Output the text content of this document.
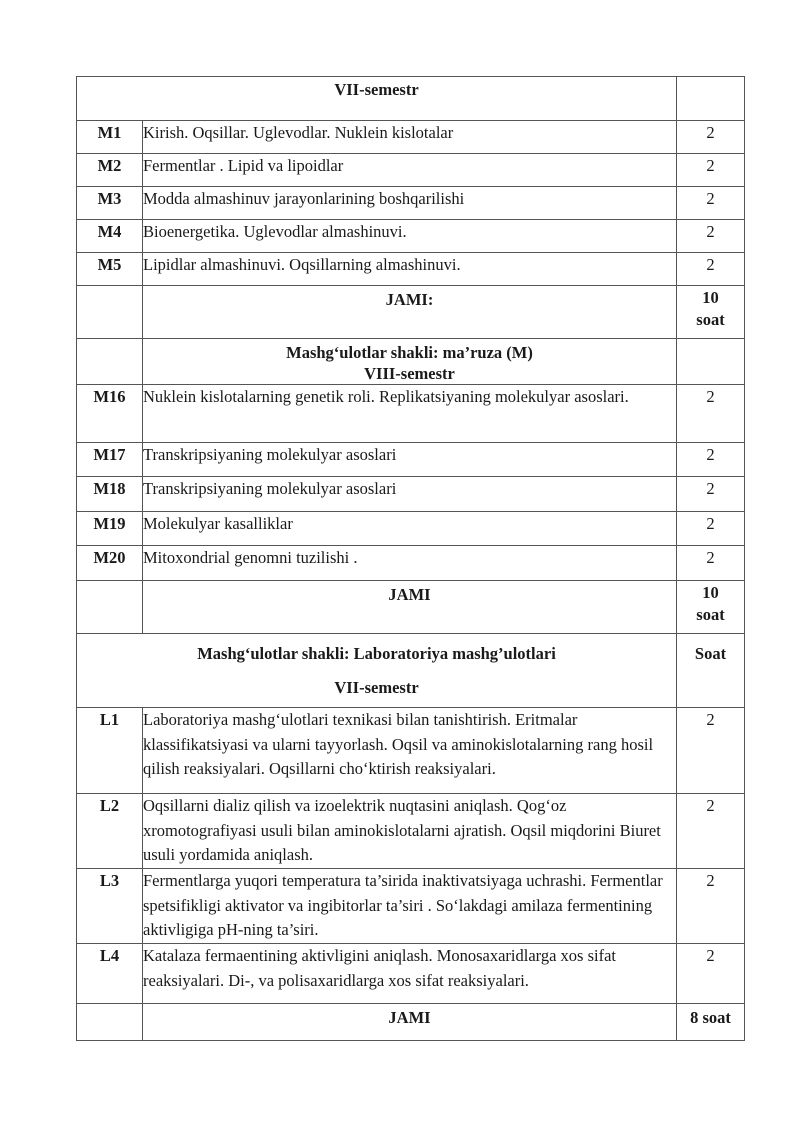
VII-semestr		
M1	Kirish. Oqsillar. Uglevodlar. Nuklein kislotalar	2
M2	Fermentlar . Lipid va lipoidlar	2
M3	Modda almashinuv jarayonlarining boshqarilishi	2
M4	Bioenergetika. Uglevodlar almashinuvi.	2
M5	Lipidlar almashinuvi. Oqsillarning almashinuvi.	2
	JAMI:	10
soat

	Mashg‘ulotlar shakli: ma’ruza (M)
VIII-semestr	

M16	Nuklein kislotalarning genetik roli. Replikatsiyaning molekulyar asoslari.	2
M17	Transkripsiyaning molekulyar asoslari	2
M18	Transkripsiyaning molekulyar asoslari	2
M19	Molekulyar kasalliklar	2
M20	Mitoxondrial genomni tuzilishi .	2
	JAMI	10
soat

Mashg‘ulotlar shakli: Laboratoriya mashg’ulotlari
VII-semestr		Soat
L1	Laboratoriya mashg‘ulotlari texnikasi bilan tanishtirish. Eritmalar klassifikatsiyasi va ularni tayyorlash. Oqsil va aminokislotalarning rang hosil qilish reaksiyalari. Oqsillarni cho‘ktirish reaksiyalari.	2
L2	Oqsillarni dializ qilish va izoelektrik nuqtasini aniqlash. Qog‘oz xromotografiyasi usuli bilan aminokislotalarni ajratish. Oqsil miqdorini Biuret usuli yordamida aniqlash.	2
L3	Fermentlarga yuqori temperatura ta’sirida inaktivatsiyaga uchrashi. Fermentlar spetsifikligi aktivator va ingibitorlar ta’siri . So‘lakdagi amilaza fermentining aktivligiga pH-ning ta’siri.	2
L4	Katalaza fermaentining aktivligini aniqlash. Monosaxaridlarga xos sifat reaksiyalari. Di-, va polisaxaridlarga xos sifat reaksiyalari.	2
	JAMI	8 soat
